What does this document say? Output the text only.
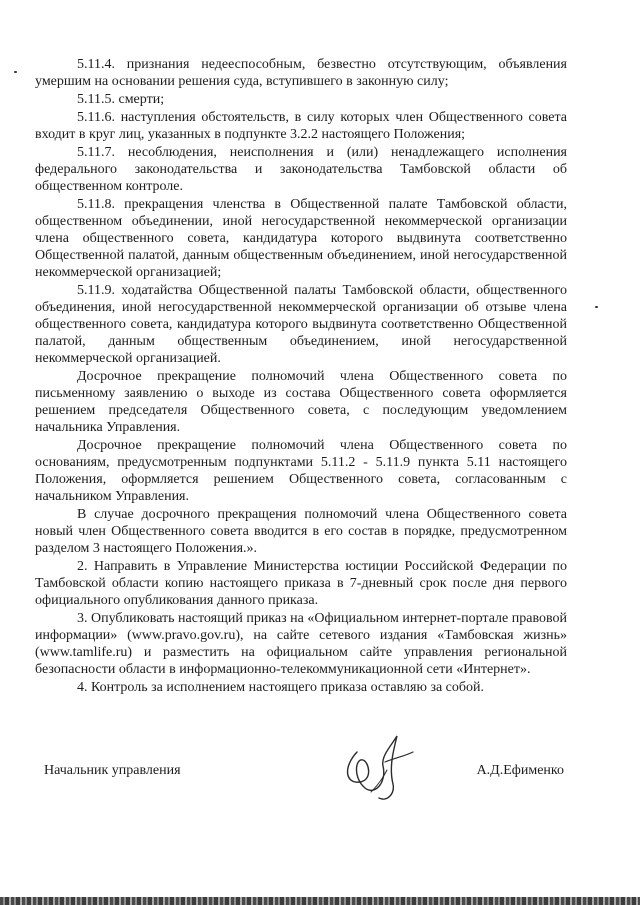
5.11.4. признания недееспособным, безвестно отсутствующим, объявления умершим на основании решения суда, вступившего в законную силу;

5.11.5. смерти;

5.11.6. наступления обстоятельств, в силу которых член Общественного совета входит в круг лиц, указанных в подпункте 3.2.2 настоящего Положения;

5.11.7. несоблюдения, неисполнения и (или) ненадлежащего исполнения федерального законодательства и законодательства Тамбовской области об общественном контроле.

5.11.8. прекращения членства в Общественной палате Тамбовской области, общественном объединении, иной негосударственной некоммерческой организации члена общественного совета, кандидатура которого выдвинута соответственно Общественной палатой, данным общественным объединением, иной негосударственной некоммерческой организацией;

5.11.9. ходатайства Общественной палаты Тамбовской области, общественного объединения, иной негосударственной некоммерческой организации об отзыве члена общественного совета, кандидатура которого выдвинута соответственно Общественной палатой, данным общественным объединением, иной негосударственной некоммерческой организацией.

Досрочное прекращение полномочий члена Общественного совета по письменному заявлению о выходе из состава Общественного совета оформляется решением председателя Общественного совета, с последующим уведомлением начальника Управления.

Досрочное прекращение полномочий члена Общественного совета по основаниям, предусмотренным подпунктами 5.11.2 - 5.11.9 пункта 5.11 настоящего Положения, оформляется решением Общественного совета, согласованным с начальником Управления.

В случае досрочного прекращения полномочий члена Общественного совета новый член Общественного совета вводится в его состав в порядке, предусмотренном разделом 3 настоящего Положения.».

2. Направить в Управление Министерства юстиции Российской Федерации по Тамбовской области копию настоящего приказа в 7-дневный срок после дня первого официального опубликования данного приказа.

3. Опубликовать настоящий приказ на «Официальном интернет-портале правовой информации» (www.pravo.gov.ru), на сайте сетевого издания «Тамбовская жизнь» (www.tamlife.ru) и разместить на официальном сайте управления региональной безопасности области в информационно-телекоммуникационной сети «Интернет».

4. Контроль за исполнением настоящего приказа оставляю за собой.

Начальник управления	А.Д.Ефименко
